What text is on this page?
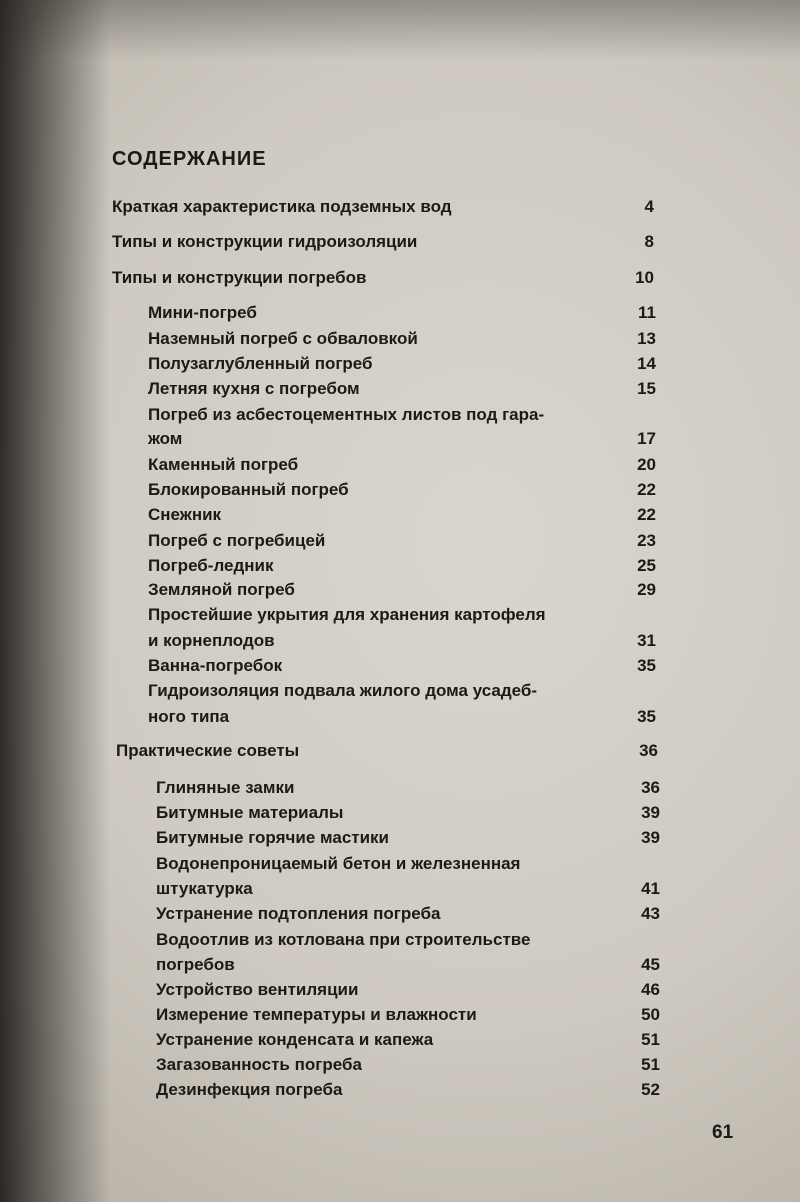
СОДЕРЖАНИЕ
Краткая характеристика подземных вод	4
Типы и конструкции гидроизоляции	8
Типы и конструкции погребов	10
Мини-погреб	11
Наземный погреб с обваловкой	13
Полузаглубленный погреб	14
Летняя кухня с погребом	15
Погреб из асбестоцементных листов под гара-
жом	17
Каменный погреб	20
Блокированный погреб	22
Снежник	22
Погреб с погребицей	23
Погреб-ледник	25
Земляной погреб	29
Простейшие укрытия для хранения картофеля
и корнеплодов	31
Ванна-погребок	35
Гидроизоляция подвала жилого дома усадеб-
ного типа	35
Практические советы	36
Глиняные замки	36
Битумные материалы	39
Битумные горячие мастики	39
Водонепроницаемый бетон и железненная
штукатурка	41
Устранение подтопления погреба	43
Водоотлив из котлована при строительстве
погребов	45
Устройство вентиляции	46
Измерение температуры и влажности	50
Устранение конденсата и капежа	51
Загазованность погреба	51
Дезинфекция погреба	52
61
